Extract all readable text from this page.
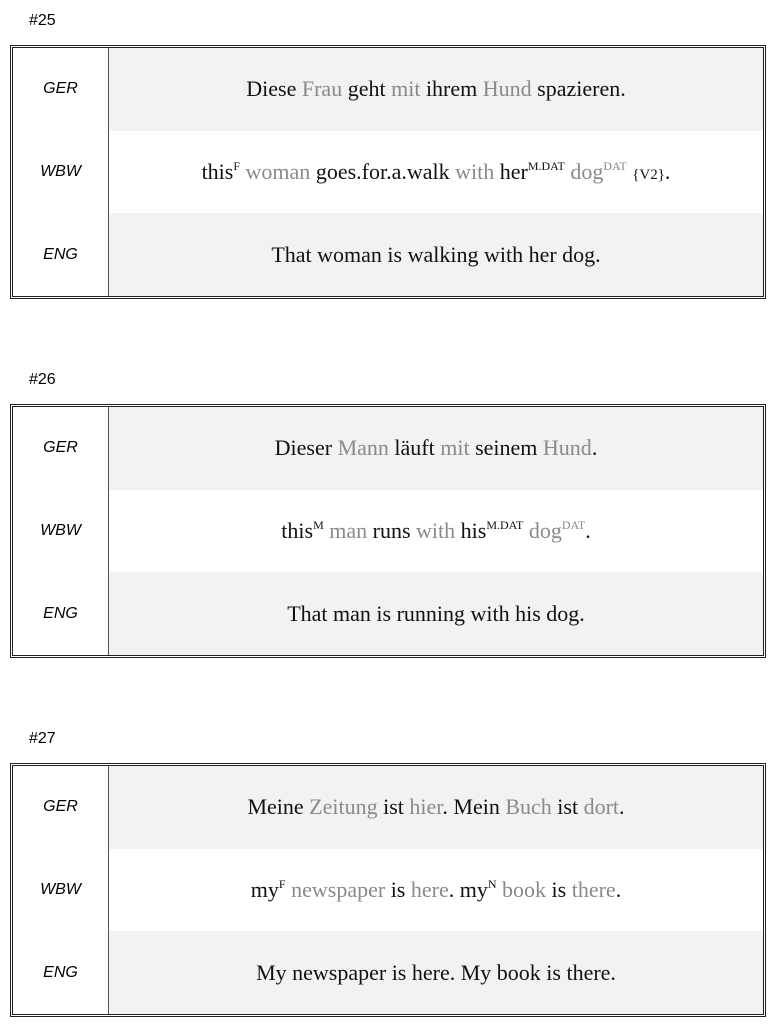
#25
GER	Diese Frau geht mit ihrem Hund spazieren.
WBW	this$^F$ woman goes.for.a.walk with her$^{M.DAT}$ dog$^{DAT}$ {V2}.
ENG	That woman is walking with her dog.
#26
GER	Dieser Mann läuft mit seinem Hund.
WBW	this$^M$ man runs with his$^{M.DAT}$ dog$^{DAT}$.
ENG	That man is running with his dog.
#27
GER	Meine Zeitung ist hier. Mein Buch ist dort.
WBW	$my^F$ newspaper is here. $my^N$ book is there.
ENG	My newspaper is here. My book is there.
